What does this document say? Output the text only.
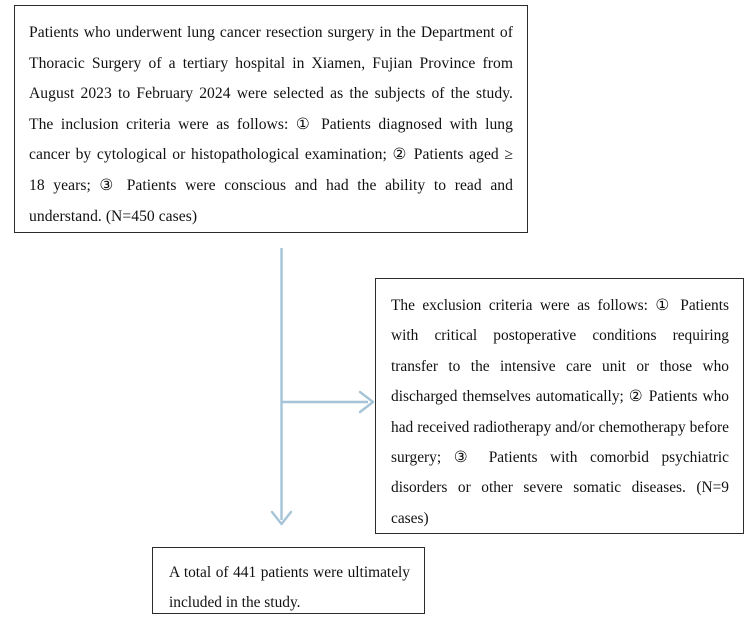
Patients who underwent lung cancer resection surgery in the Department of Thoracic Surgery of a tertiary hospital in Xiamen, Fujian Province from August 2023 to February 2024 were selected as the subjects of the study. The inclusion criteria were as follows: ① Patients diagnosed with lung cancer by cytological or histopathological examination; ② Patients aged ≥ 18 years; ③ Patients were conscious and had the ability to read and understand. (N=450 cases)

The exclusion criteria were as follows: ① Patients with critical postoperative conditions requiring transfer to the intensive care unit or those who discharged themselves automatically; ② Patients who had received radiotherapy and/or chemotherapy before surgery; ③ Patients with comorbid psychiatric disorders or other severe somatic diseases. (N=9 cases)

A total of 441 patients were ultimately included in the study.
